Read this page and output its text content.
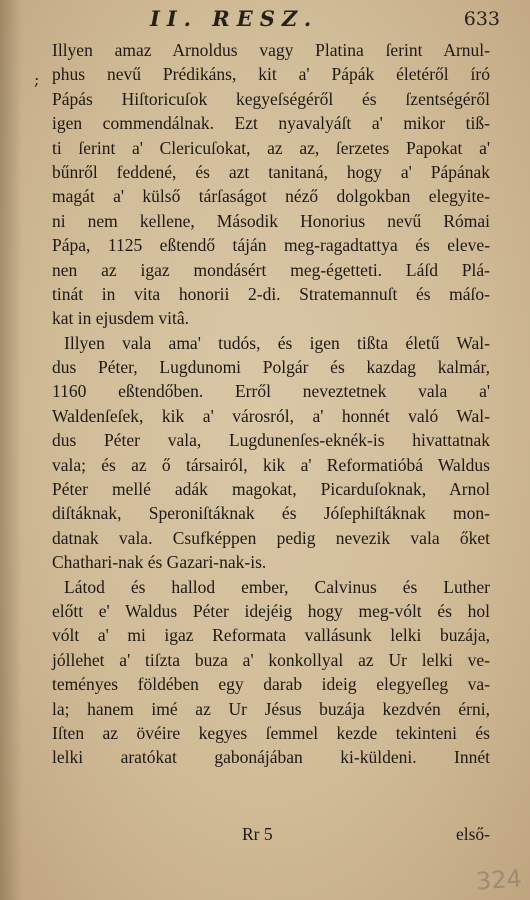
II. RESZ.	633
;
Illyen amaz Arnoldus vagy Platina ſerint Arnul-
phus nevű Prédikáns, kit a' Pápák életéről író
Pápás Hiſtoricuſok kegyeſségéről és ſzentségéről
igen commendálnak. Ezt nyavalyáſt a' mikor tiß-
ti ſerint a' Clericuſokat, az az, ſerzetes Papokat a'
bűnről feddené, és azt tanitaná, hogy a' Pápának
magát a' külső tárſaságot néző dolgokban elegyite-
ni nem kellene, Második Honorius nevű Római
Pápa, 1125 eßtendő táján meg-ragadtattya és eleve-
nen az igaz mondásért meg-égetteti. Láſd Plá-
tinát in vita honorii 2-di. Stratemannuſt és máſo-
kat in ejusdem vitâ.
Illyen vala ama' tudós, és igen tißta életű Wal-
dus Péter, Lugdunomi Polgár és kazdag kalmár,
1160 eßtendőben. Erről neveztetnek vala a'
Waldenſeſek, kik a' városról, a' honnét való Wal-
dus Péter vala, Lugdunenſes-eknék-is hivattatnak
vala; és az ő társairól, kik a' Reformatióbá Waldus
Péter mellé adák magokat, Picarduſoknak, Arnol
diſtáknak, Speroniſtáknak és Jóſephiſtáknak mon-
datnak vala. Csufképpen pedig nevezik vala őket
Chathari-nak és Gazari-nak-is.
Látod és hallod ember, Calvinus és Luther
előtt e' Waldus Péter idejéig hogy meg-vólt és hol
vólt a' mi igaz Reformata vallásunk lelki buzája,
jóllehet a' tiſzta buza a' konkollyal az Ur lelki ve-
teményes földében egy darab ideig elegyeſleg va-
la; hanem imé az Ur Jésus buzája kezdvén érni,
Iſten az övéire kegyes ſemmel kezde tekinteni és
lelki aratókat gabonájában ki-küldeni. Innét
Rr 5	első-
324
